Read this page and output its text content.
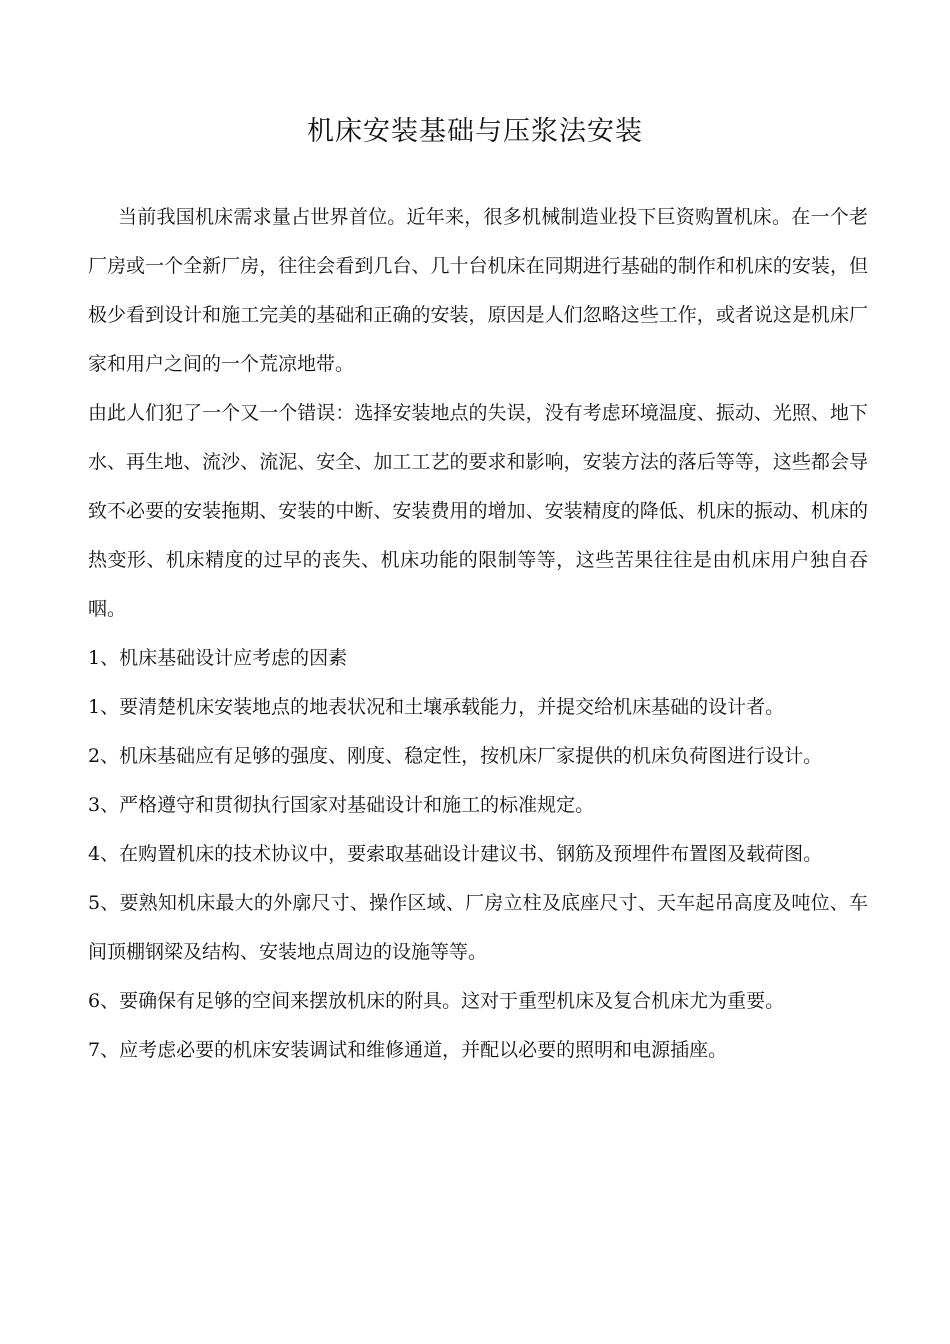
机床安装基础与压浆法安装

当前我国机床需求量占世界首位。近年来，很多机械制造业投下巨资购置机床。在一个老厂房或一个全新厂房，往往会看到几台、几十台机床在同期进行基础的制作和机床的安装，但极少看到设计和施工完美的基础和正确的安装，原因是人们忽略这些工作，或者说这是机床厂家和用户之间的一个荒凉地带。

由此人们犯了一个又一个错误：选择安装地点的失误，没有考虑环境温度、振动、光照、地下水、再生地、流沙、流泥、安全、加工工艺的要求和影响，安装方法的落后等等，这些都会导致不必要的安装拖期、安装的中断、安装费用的增加、安装精度的降低、机床的振动、机床的热变形、机床精度的过早的丧失、机床功能的限制等等，这些苦果往往是由机床用户独自吞咽。

1、机床基础设计应考虑的因素

1、要清楚机床安装地点的地表状况和土壤承载能力，并提交给机床基础的设计者。

2、机床基础应有足够的强度、刚度、稳定性，按机床厂家提供的机床负荷图进行设计。

3、严格遵守和贯彻执行国家对基础设计和施工的标准规定。

4、在购置机床的技术协议中，要索取基础设计建议书、钢筋及预埋件布置图及载荷图。

5、要熟知机床最大的外廓尺寸、操作区域、厂房立柱及底座尺寸、天车起吊高度及吨位、车间顶棚钢梁及结构、安装地点周边的设施等等。

6、要确保有足够的空间来摆放机床的附具。这对于重型机床及复合机床尤为重要。

7、应考虑必要的机床安装调试和维修通道，并配以必要的照明和电源插座。
